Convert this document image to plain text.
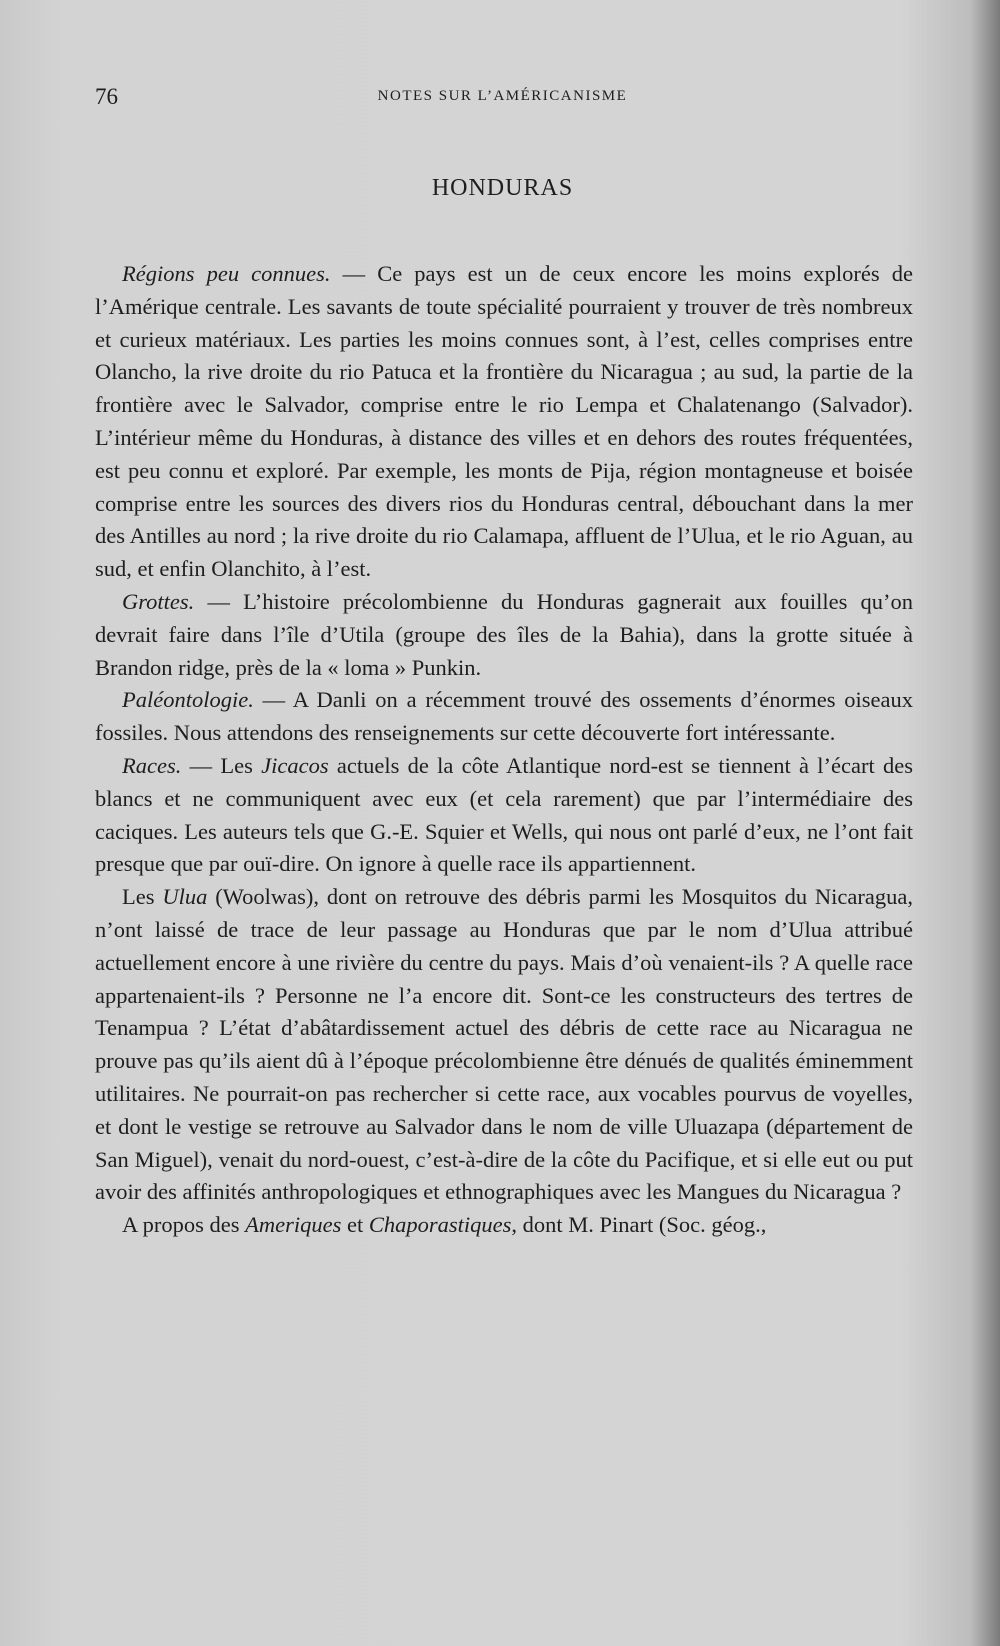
76	NOTES SUR L’AMÉRICANISME
HONDURAS

Régions peu connues. — Ce pays est un de ceux encore les moins explorés de l’Amérique centrale. Les savants de toute spécialité pourraient y trouver de très nombreux et curieux matériaux. Les parties les moins connues sont, à l’est, celles comprises entre Olancho, la rive droite du rio Patuca et la frontière du Nicaragua ; au sud, la partie de la frontière avec le Salvador, comprise entre le rio Lempa et Chalatenango (Salvador). L’intérieur même du Honduras, à distance des villes et en dehors des routes fréquentées, est peu connu et exploré. Par exemple, les monts de Pija, région montagneuse et boisée comprise entre les sources des divers rios du Honduras central, débouchant dans la mer des Antilles au nord ; la rive droite du rio Calamapa, affluent de l’Ulua, et le rio Aguan, au sud, et enfin Olanchito, à l’est.

Grottes. — L’histoire précolombienne du Honduras gagnerait aux fouilles qu’on devrait faire dans l’île d’Utila (groupe des îles de la Bahia), dans la grotte située à Brandon ridge, près de la « loma » Punkin.

Paléontologie. — A Danli on a récemment trouvé des ossements d’énormes oiseaux fossiles. Nous attendons des renseignements sur cette découverte fort intéressante.

Races. — Les Jicacos actuels de la côte Atlantique nord-est se tiennent à l’écart des blancs et ne communiquent avec eux (et cela rarement) que par l’intermédiaire des caciques. Les auteurs tels que G.-E. Squier et Wells, qui nous ont parlé d’eux, ne l’ont fait presque que par ouï-dire. On ignore à quelle race ils appartiennent.

Les Ulua (Woolwas), dont on retrouve des débris parmi les Mosquitos du Nicaragua, n’ont laissé de trace de leur passage au Honduras que par le nom d’Ulua attribué actuellement encore à une rivière du centre du pays. Mais d’où venaient-ils ? A quelle race appartenaient-ils ? Personne ne l’a encore dit. Sont-ce les constructeurs des tertres de Tenampua ? L’état d’abâtardissement actuel des débris de cette race au Nicaragua ne prouve pas qu’ils aient dû à l’époque précolombienne être dénués de qualités éminemment utilitaires. Ne pourrait-on pas rechercher si cette race, aux vocables pourvus de voyelles, et dont le vestige se retrouve au Salvador dans le nom de ville Uluazapa (département de San Miguel), venait du nord-ouest, c’est-à-dire de la côte du Pacifique, et si elle eut ou put avoir des affinités anthropologiques et ethnographiques avec les Mangues du Nicaragua ?

A propos des Ameriques et Chaporastiques, dont M. Pinart (Soc. géog.,
